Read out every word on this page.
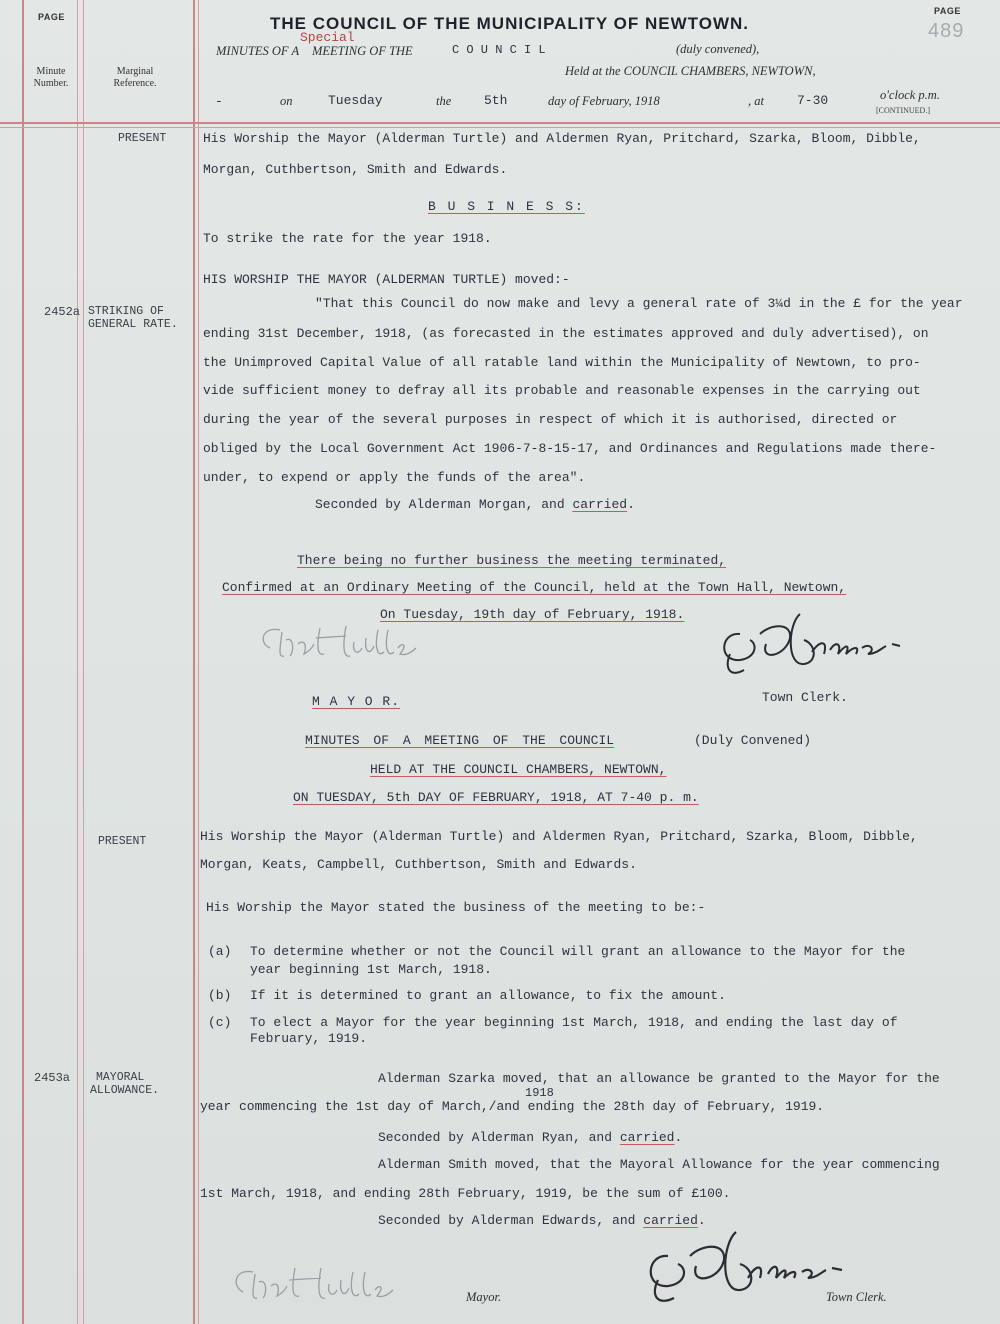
PAGE
PAGE
489
THE COUNCIL OF THE MUNICIPALITY OF NEWTOWN.
MINUTES OF A
Special
MEETING OF THE	C O U N C I L	(duly convened),
Held at the COUNCIL CHAMBERS, NEWTOWN,
-	on	Tuesday	the	5th	day of February, 1918	, at	7-30	o'clock p.m.
[CONTINUED.]
Minute Number.
Marginal Reference.
PRESENT	His Worship the Mayor (Alderman Turtle) and Aldermen Ryan, Pritchard, Szarka, Bloom, Dibble,
Morgan, Cuthbertson, Smith and Edwards.
B U S I N E S S:
To strike the rate for the year 1918.
HIS WORSHIP THE MAYOR (ALDERMAN TURTLE) moved:-
2452a STRIKING OF
GENERAL RATE.
"That this Council do now make and levy a general rate of 3¼d in the £ for the year
ending 31st December, 1918, (as forecasted in the estimates approved and duly advertised), on
the Unimproved Capital Value of all ratable land within the Municipality of Newtown, to pro-
vide sufficient money to defray all its probable and reasonable expenses in the carrying out
during the year of the several purposes in respect of which it is authorised, directed or
obliged by the Local Government Act 1906-7-8-15-17, and Ordinances and Regulations made there-
under, to expend or apply the funds of the area".
Seconded by Alderman Morgan, and carried.
There being no further business the meeting terminated,
Confirmed at an Ordinary Meeting of the Council, held at the Town Hall, Newtown,
On Tuesday, 19th day of February, 1918.
M A Y O R.	Town Clerk.
MINUTES OF A MEETING OF THE COUNCIL	(Duly Convened)
HELD AT THE COUNCIL CHAMBERS, NEWTOWN,
ON TUESDAY, 5th DAY OF FEBRUARY, 1918, AT 7-40 p. m.
PRESENT	His Worship the Mayor (Alderman Turtle) and Aldermen Ryan, Pritchard, Szarka, Bloom, Dibble,
Morgan, Keats, Campbell, Cuthbertson, Smith and Edwards.
His Worship the Mayor stated the business of the meeting to be:-
(a) To determine whether or not the Council will grant an allowance to the Mayor for the
year beginning 1st March, 1918.
(b) If it is determined to grant an allowance, to fix the amount.
(c) To elect a Mayor for the year beginning 1st March, 1918, and ending the last day of
February, 1919.
2453a MAYORAL
ALLOWANCE.
Alderman Szarka moved, that an allowance be granted to the Mayor for the
1918
year commencing the 1st day of March,/and ending the 28th day of February, 1919.
Seconded by Alderman Ryan, and carried.
Alderman Smith moved, that the Mayoral Allowance for the year commencing
1st March, 1918, and ending 28th February, 1919, be the sum of £100.
Seconded by Alderman Edwards, and carried.
Mayor.	Town Clerk.
